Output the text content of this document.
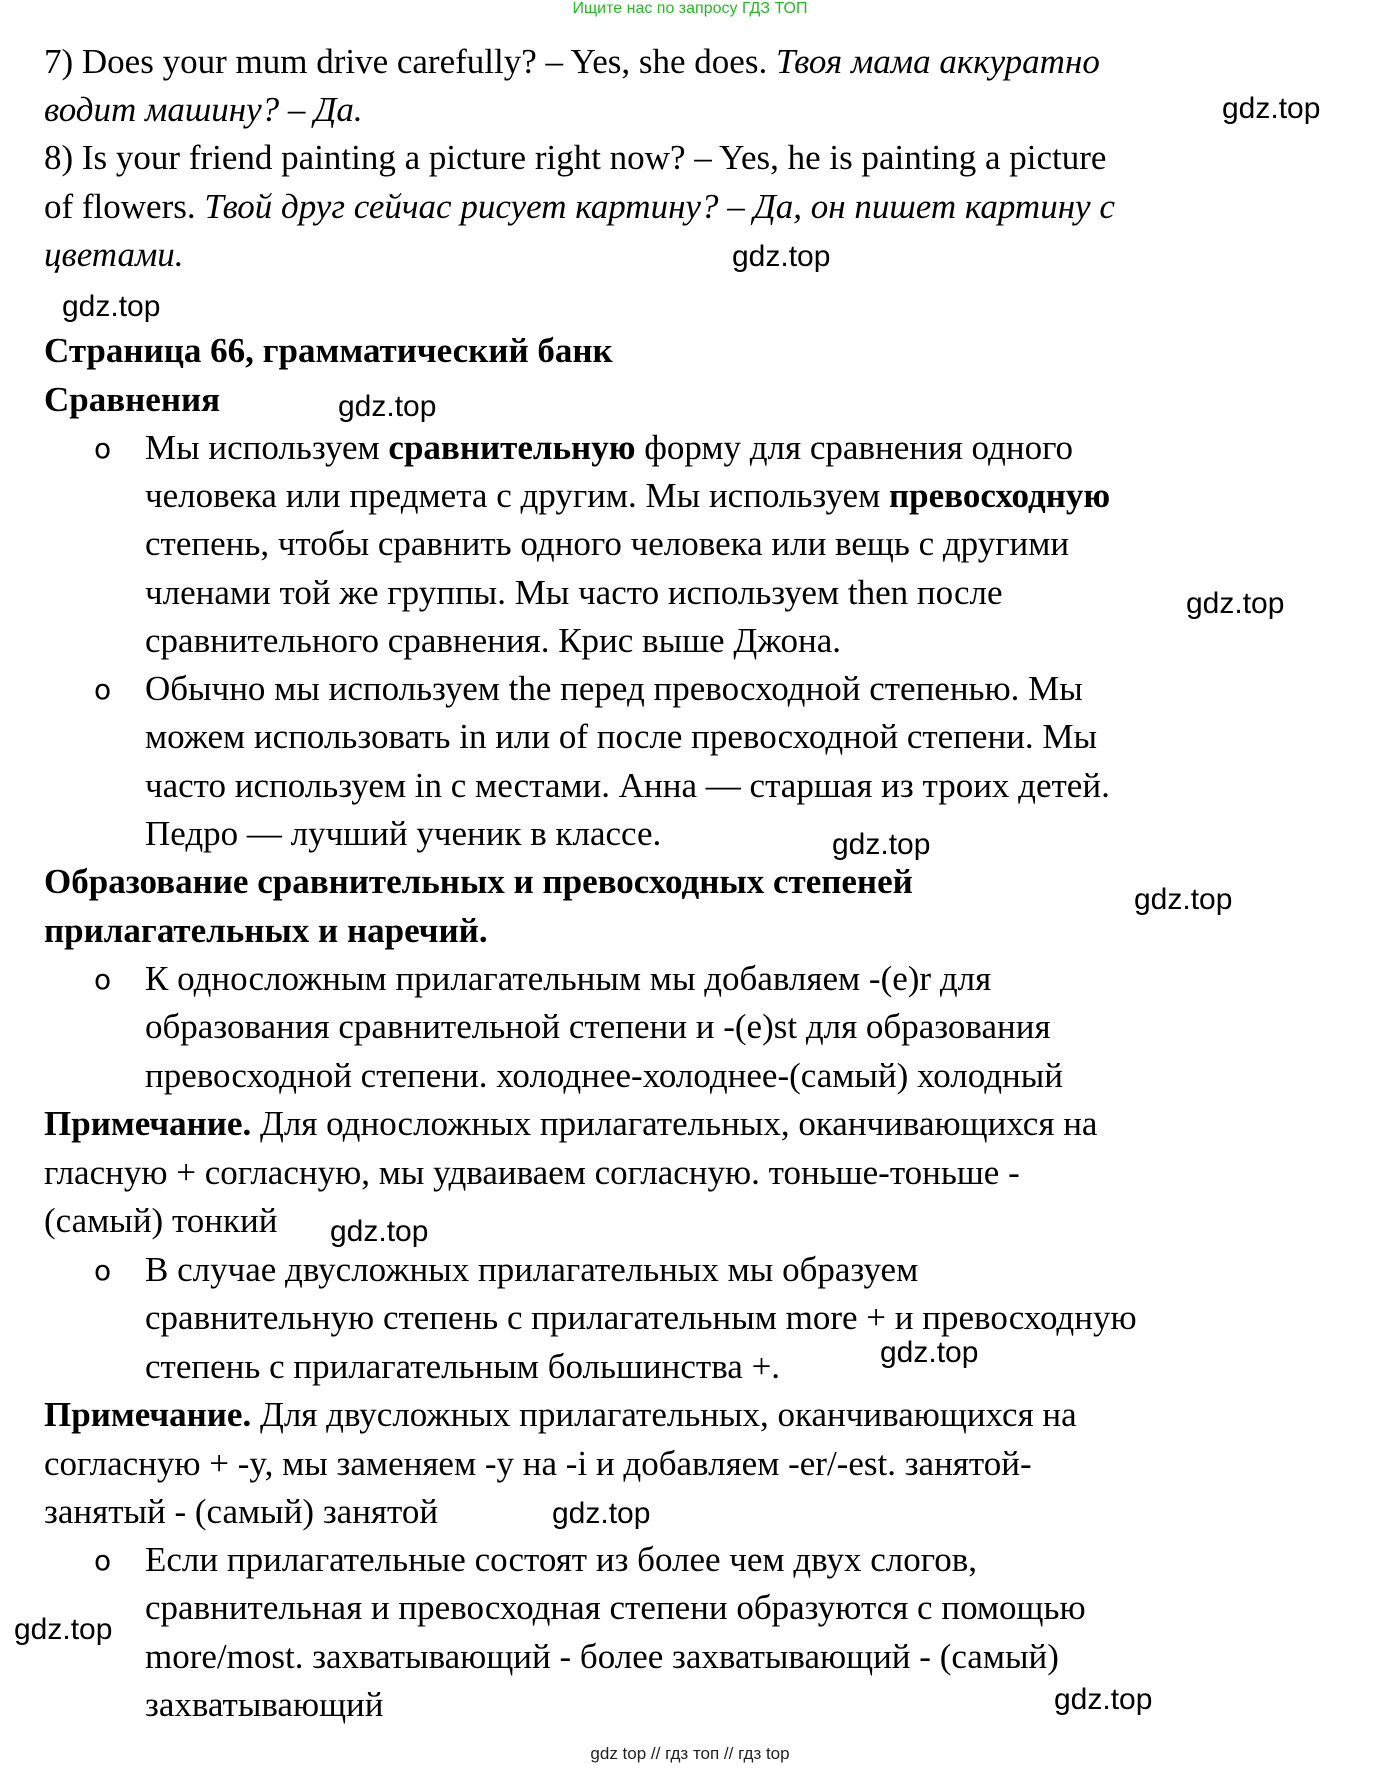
Ищите нас по запросу ГДЗ ТОП
7) Does your mum drive carefully? – Yes, she does. Твоя мама аккуратно
водит машину? – Да.
8) Is your friend painting a picture right now? – Yes, he is painting a picture
of flowers. Твой друг сейчас рисует картину? – Да, он пишет картину с
цветами.
Страница 66, грамматический банк
Сравнения
o Мы используем сравнительную форму для сравнения одного
человека или предмета с другим. Мы используем превосходную
степень, чтобы сравнить одного человека или вещь с другими
членами той же группы. Мы часто используем then после
сравнительного сравнения. Крис выше Джона.
o Обычно мы используем the перед превосходной степенью. Мы
можем использовать in или of после превосходной степени. Мы
часто используем in с местами. Анна — старшая из троих детей.
Педро — лучший ученик в классе.
Образование сравнительных и превосходных степеней
прилагательных и наречий.
o К односложным прилагательным мы добавляем -(e)r для
образования сравнительной степени и -(e)st для образования
превосходной степени. холоднее-холоднее-(самый) холодный
Примечание. Для односложных прилагательных, оканчивающихся на
гласную + согласную, мы удваиваем согласную. тоньше-тоньше -
(самый) тонкий
o В случае двусложных прилагательных мы образуем
сравнительную степень с прилагательным more + и превосходную
степень с прилагательным большинства +.
Примечание. Для двусложных прилагательных, оканчивающихся на
согласную + -y, мы заменяем -y на -i и добавляем -er/-est. занятой-
занятый - (самый) занятой
o Если прилагательные состоят из более чем двух слогов,
сравнительная и превосходная степени образуются с помощью
more/most. захватывающий - более захватывающий - (самый)
захватывающий
gdz.top
gdz.top
gdz.top
gdz.top
gdz.top
gdz.top
gdz.top
gdz.top
gdz.top
gdz.top
gdz.top
gdz.top
gdz top // гдз топ // гдз top
